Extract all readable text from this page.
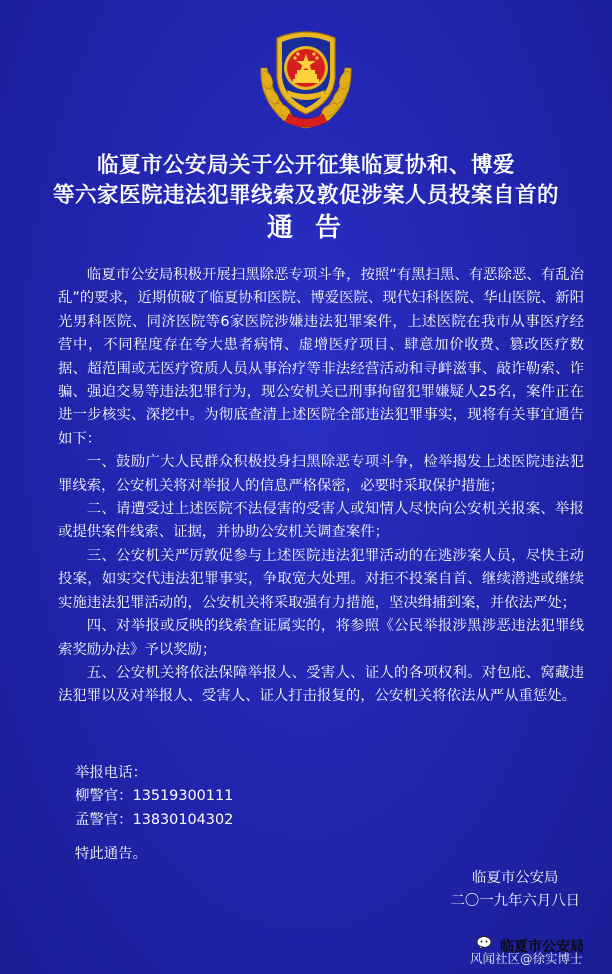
临夏市公安局关于公开征集临夏协和、博爱
等六家医院违法犯罪线索及敦促涉案人员投案自首的
通告

临夏市公安局积极开展扫黑除恶专项斗争，按照“有黑扫黑、有恶除恶、有乱治乱”的要求，近期侦破了临夏协和医院、博爱医院、现代妇科医院、华山医院、新阳光男科医院、同济医院等6家医院涉嫌违法犯罪案件，上述医院在我市从事医疗经营中，不同程度存在夸大患者病情、虚增医疗项目、肆意加价收费、篡改医疗数据、超范围或无医疗资质人员从事治疗等非法经营活动和寻衅滋事、敲诈勒索、诈骗、强迫交易等违法犯罪行为，现公安机关已刑事拘留犯罪嫌疑人25名，案件正在进一步核实、深挖中。为彻底查清上述医院全部违法犯罪事实，现将有关事宜通告如下：

一、鼓励广大人民群众积极投身扫黑除恶专项斗争，检举揭发上述医院违法犯罪线索，公安机关将对举报人的信息严格保密，必要时采取保护措施；

二、请遭受过上述医院不法侵害的受害人或知情人尽快向公安机关报案、举报或提供案件线索、证据，并协助公安机关调查案件；

三、公安机关严厉敦促参与上述医院违法犯罪活动的在逃涉案人员，尽快主动投案，如实交代违法犯罪事实，争取宽大处理。对拒不投案自首、继续潜逃或继续实施违法犯罪活动的，公安机关将采取强有力措施，坚决缉捕到案，并依法严处；

四、对举报或反映的线索查证属实的，将参照《公民举报涉黑涉恶违法犯罪线索奖励办法》予以奖励；

五、公安机关将依法保障举报人、受害人、证人的各项权利。对包庇、窝藏违法犯罪以及对举报人、受害人、证人打击报复的，公安机关将依法从严从重惩处。

举报电话：
柳警官：13519300111
孟警官：13830104302
特此通告。
临夏市公安局
二〇一九年六月八日
临夏市公安局
风闻社区@徐实博士
